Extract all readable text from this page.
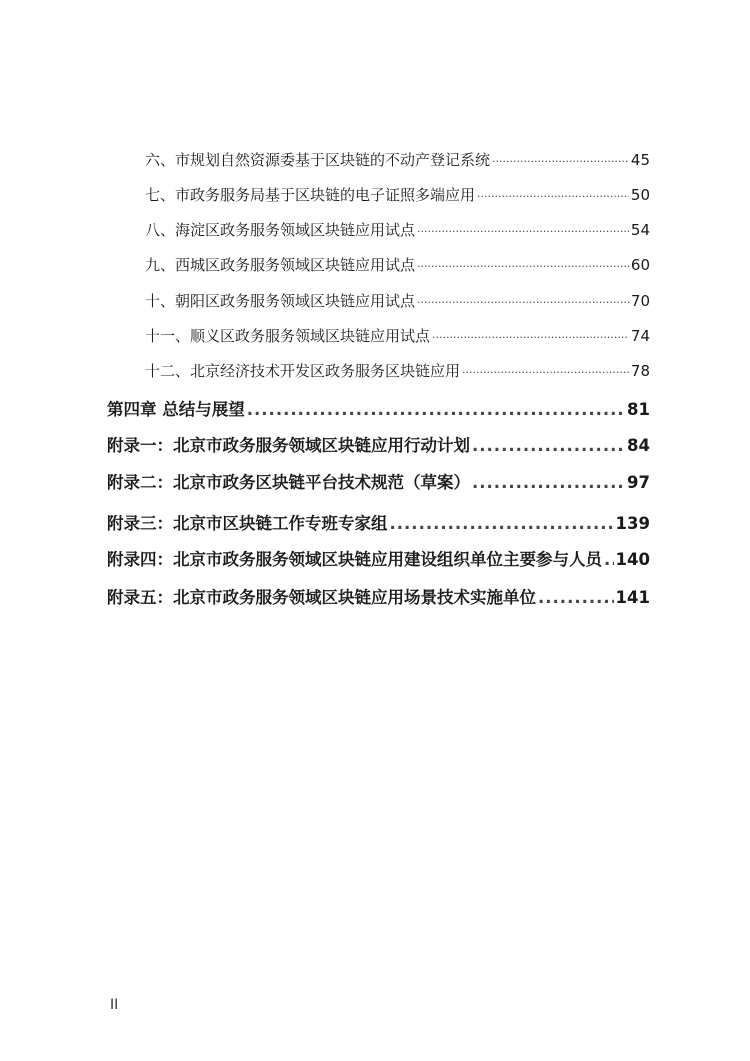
六、市规划自然资源委基于区块链的不动产登记系统 ·····	45
七、市政务服务局基于区块链的电子证照多端应用 ·····	50
八、海淀区政务服务领域区块链应用试点 ·····	54
九、西城区政务服务领域区块链应用试点 ·····	60
十、朝阳区政务服务领域区块链应用试点 ·····	70
十一、顺义区政务服务领域区块链应用试点 ·····	74
十二、北京经济技术开发区政务服务区块链应用 ·····	78
第四章 总结与展望 .....	81
附录一：北京市政务服务领域区块链应用行动计划 .....	84
附录二：北京市政务区块链平台技术规范（草案） .....	97
附录三：北京市区块链工作专班专家组 .....	139
附录四：北京市政务服务领域区块链应用建设组织单位主要参与人员 ..... 140
附录五：北京市政务服务领域区块链应用场景技术实施单位 .....	141
II
